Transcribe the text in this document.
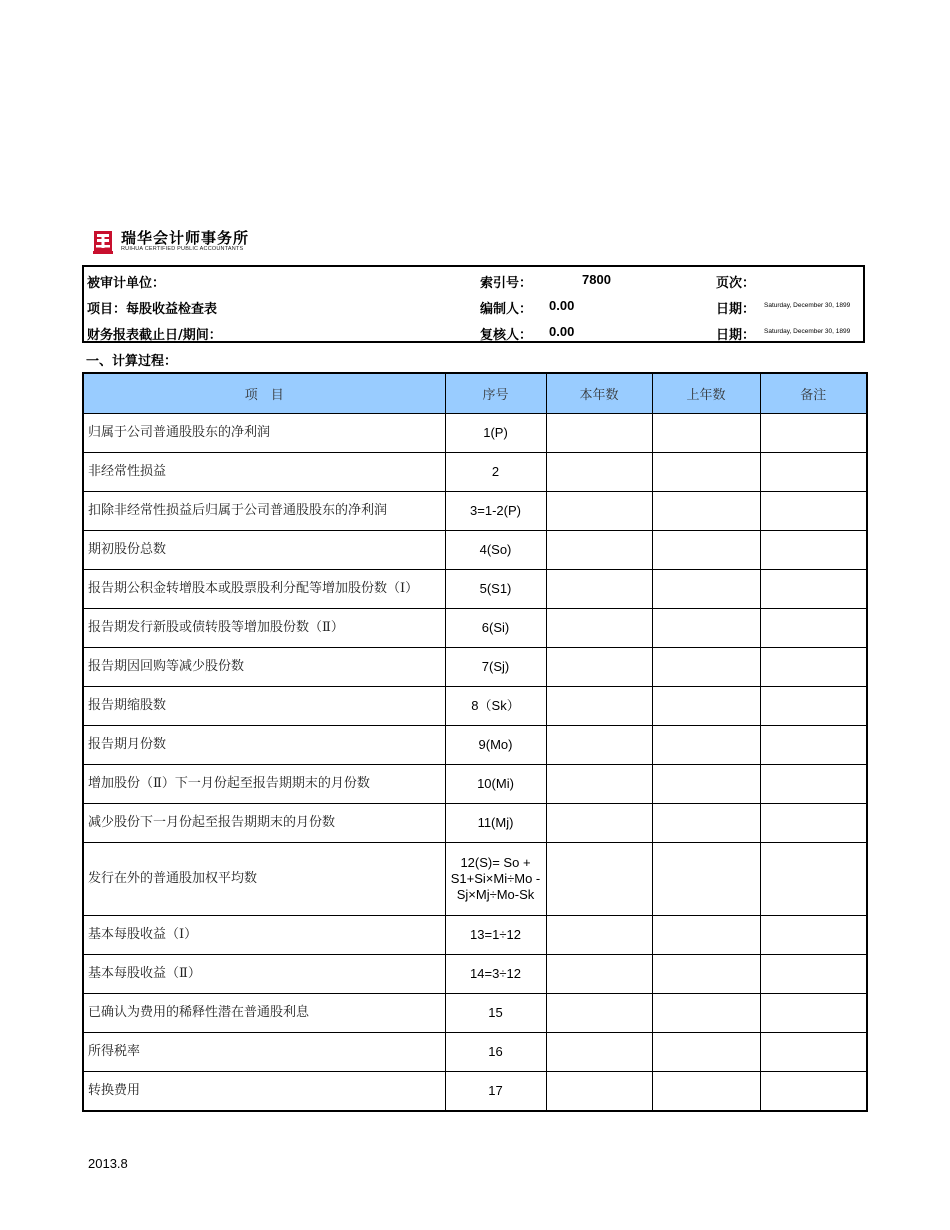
瑞华会计师事务所
RUIHUA CERTIFIED PUBLIC ACCOUNTANTS
被审计单位：	索引号：	7800	页次：
项目：每股收益检查表	编制人： 0.00	日期： Saturday, December 30, 1899
财务报表截止日/期间：	复核人： 0.00	日期： Saturday, December 30, 1899
一、计算过程：
项　目	序号	本年数	上年数	备注
归属于公司普通股股东的净利润	1(P)			
非经常性损益	2			
扣除非经常性损益后归属于公司普通股股东的净利润	3=1-2(P)			
期初股份总数	4(So)			
报告期公积金转增股本或股票股利分配等增加股份数（Ⅰ）	5(S1)			
报告期发行新股或债转股等增加股份数（Ⅱ）	6(Si)			
报告期因回购等减少股份数	7(Sj)			
报告期缩股数	8（Sk）			
报告期月份数	9(Mo)			
增加股份（Ⅱ）下一月份起至报告期期末的月份数	10(Mi)			
减少股份下一月份起至报告期期末的月份数	11(Mj)			
发行在外的普通股加权平均数	12(S)= So + S1+Si×Mi÷Mo - Sj×Mj÷Mo-Sk			
基本每股收益（Ⅰ）	13=1÷12			
基本每股收益（Ⅱ）	14=3÷12			
已确认为费用的稀释性潜在普通股利息	15			
所得税率	16			
转换费用	17			
2013.8
